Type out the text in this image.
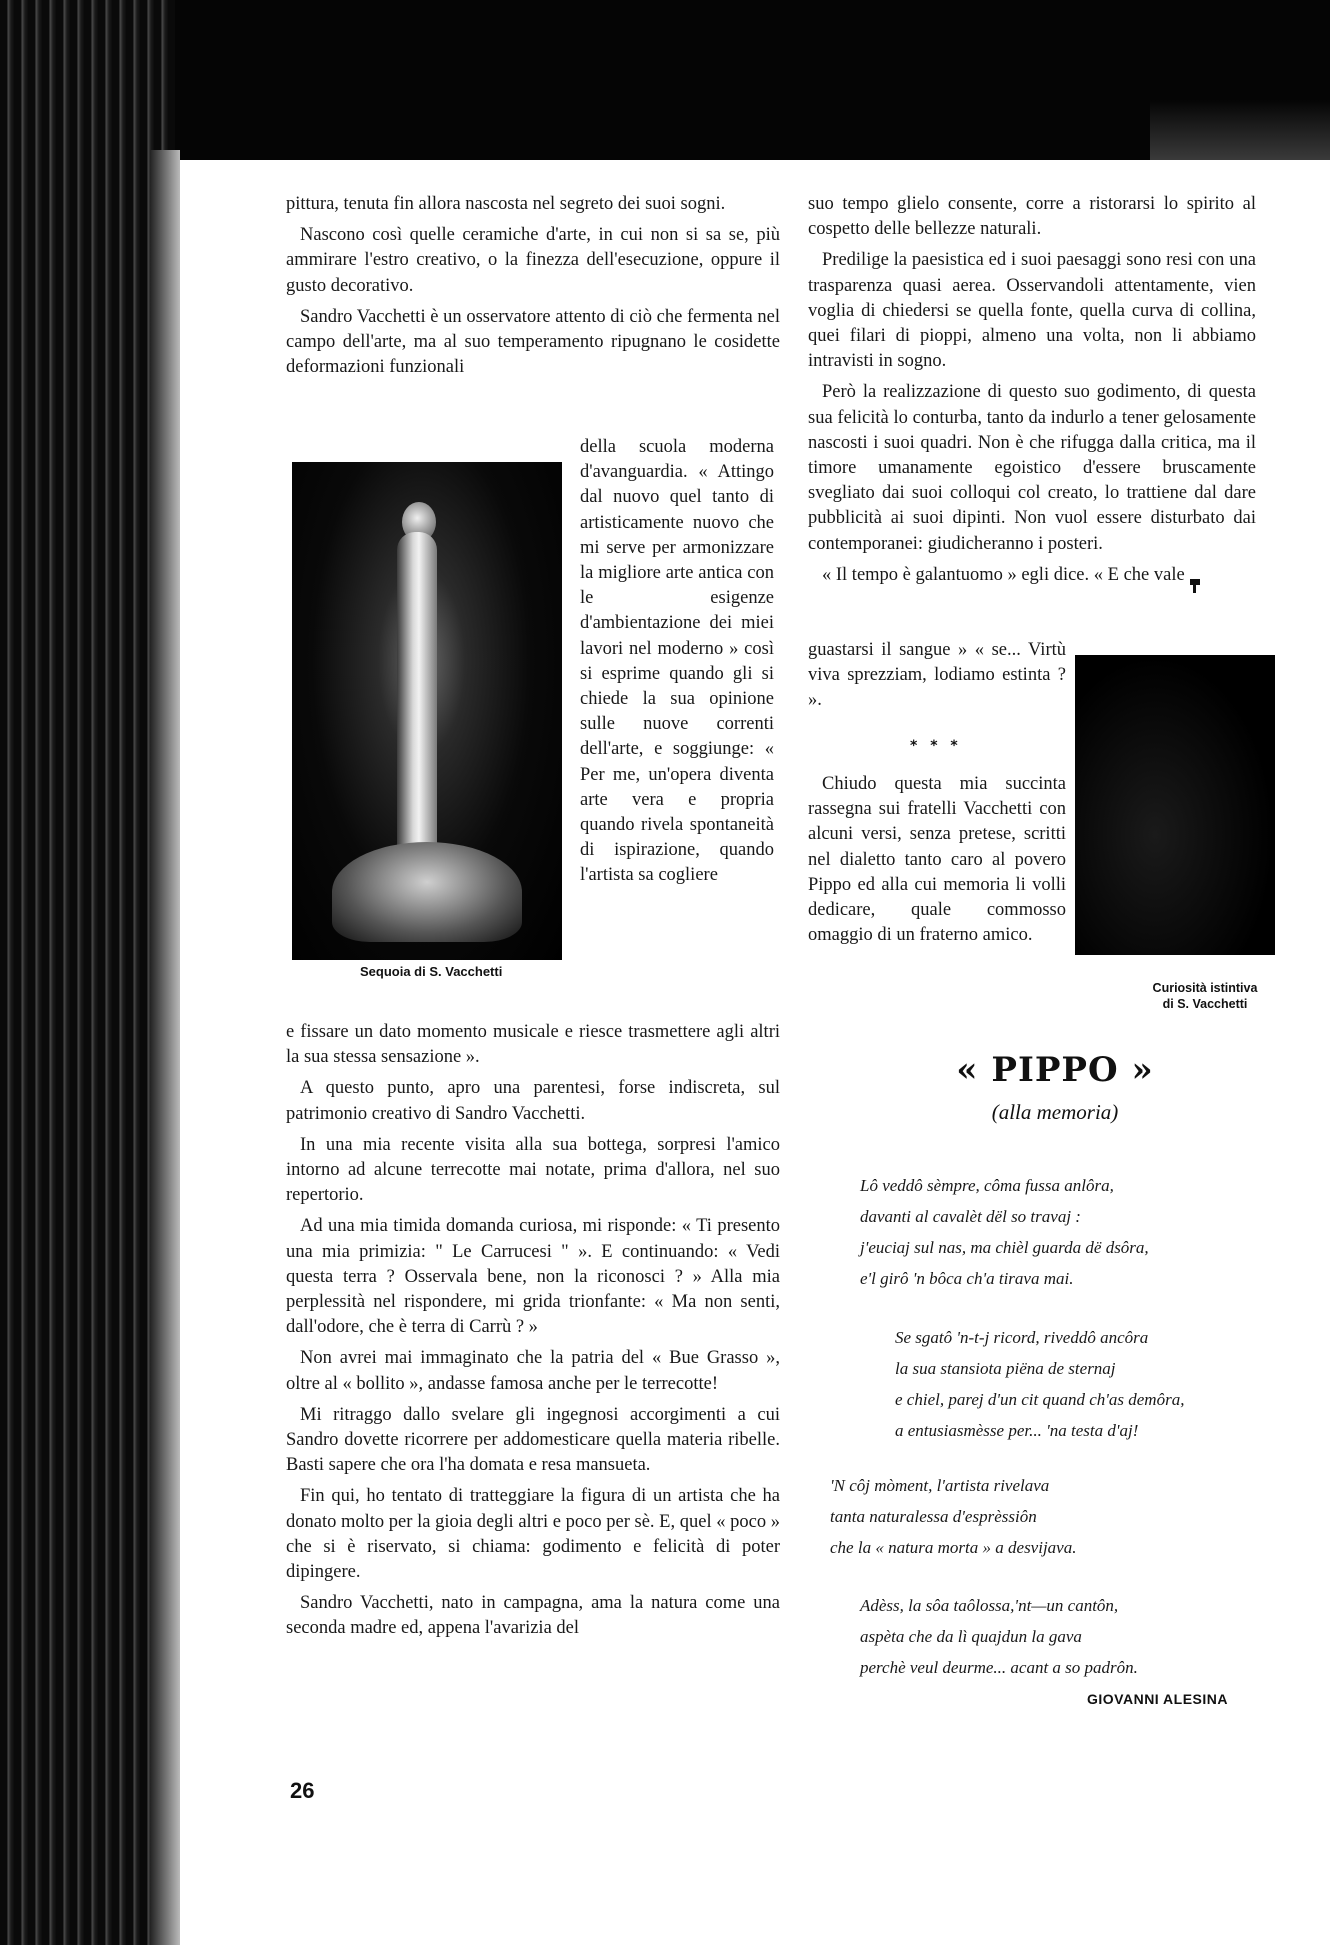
pittura, tenuta fin allora nascosta nel segreto dei suoi sogni.

Nascono così quelle ceramiche d'arte, in cui non si sa se, più ammirare l'estro creativo, o la finezza dell'esecuzione, oppure il gusto decorativo.

Sandro Vacchetti è un osservatore attento di ciò che fermenta nel campo dell'arte, ma al suo temperamento ripugnano le cosidette deformazioni funzionali

Sequoia di S. Vacchetti
della scuola moderna d'avanguardia. « Attingo dal nuovo quel tanto di artisticamente nuovo che mi serve per armonizzare la migliore arte antica con le esigenze d'ambientazione dei miei lavori nel moderno » così si esprime quando gli si chiede la sua opinione sulle nuove correnti dell'arte, e soggiunge: « Per me, un'opera diventa arte vera e propria quando rivela spontaneità di ispirazione, quando l'artista sa cogliere

e fissare un dato momento musicale e riesce trasmettere agli altri la sua stessa sensazione ».

A questo punto, apro una parentesi, forse indiscreta, sul patrimonio creativo di Sandro Vacchetti.

In una mia recente visita alla sua bottega, sorpresi l'amico intorno ad alcune terrecotte mai notate, prima d'allora, nel suo repertorio.

Ad una mia timida domanda curiosa, mi risponde: « Ti presento una mia primizia: " Le Carrucesi " ». E continuando: « Vedi questa terra ? Osservala bene, non la riconosci ? » Alla mia perplessità nel rispondere, mi grida trionfante: « Ma non senti, dall'odore, che è terra di Carrù ? »

Non avrei mai immaginato che la patria del « Bue Grasso », oltre al « bollito », andasse famosa anche per le terrecotte!

Mi ritraggo dallo svelare gli ingegnosi accorgimenti a cui Sandro dovette ricorrere per addomesticare quella materia ribelle. Basti sapere che ora l'ha domata e resa mansueta.

Fin qui, ho tentato di tratteggiare la figura di un artista che ha donato molto per la gioia degli altri e poco per sè. E, quel « poco » che si è riservato, si chiama: godimento e felicità di poter dipingere.

Sandro Vacchetti, nato in campagna, ama la natura come una seconda madre ed, appena l'avarizia del

suo tempo glielo consente, corre a ristorarsi lo spirito al cospetto delle bellezze naturali.

Predilige la paesistica ed i suoi paesaggi sono resi con una trasparenza quasi aerea. Osservandoli attentamente, vien voglia di chiedersi se quella fonte, quella curva di collina, quei filari di pioppi, almeno una volta, non li abbiamo intravisti in sogno.

Però la realizzazione di questo suo godimento, di questa sua felicità lo conturba, tanto da indurlo a tener gelosamente nascosti i suoi quadri. Non è che rifugga dalla critica, ma il timore umanamente egoistico d'essere bruscamente svegliato dai suoi colloqui col creato, lo trattiene dal dare pubblicità ai suoi dipinti. Non vuol essere disturbato dai contemporanei: giudicheranno i posteri.

« Il tempo è galantuomo » egli dice. « E che vale

guastarsi il sangue » « se... Virtù viva sprezziam, lodiamo estinta ? ».
* * *
Chiudo questa mia succinta rassegna sui fratelli Vacchetti con alcuni versi, senza pretese, scritti nel dialetto tanto caro al povero Pippo ed alla cui memoria li volli dedicare, quale commosso omaggio di un fraterno amico.
Curiosità istintiva
di S. Vacchetti
« PIPPO »
(alla memoria)
Lô veddô sèmpre, côma fussa anlôra,
davanti al cavalèt dël so travaj :
j'euciaj sul nas, ma chièl guarda dë dsôra,
e'l girô 'n bôca ch'a tirava mai.
Se sgatô 'n-t-j ricord, riveddô ancôra
la sua stansiota piëna de sternaj
e chiel, parej d'un cit quand ch'as demôra,
a entusiasmèsse per... 'na testa d'aj!
'N côj mòment, l'artista rivelava
tanta naturalessa d'esprèssiôn
che la « natura morta » a desvijava.
Adèss, la sôa taôlossa,'nt—un cantôn,
aspèta che da lì quajdun la gava
perchè veul deurme... acant a so padrôn.
GIOVANNI ALESINA
26
